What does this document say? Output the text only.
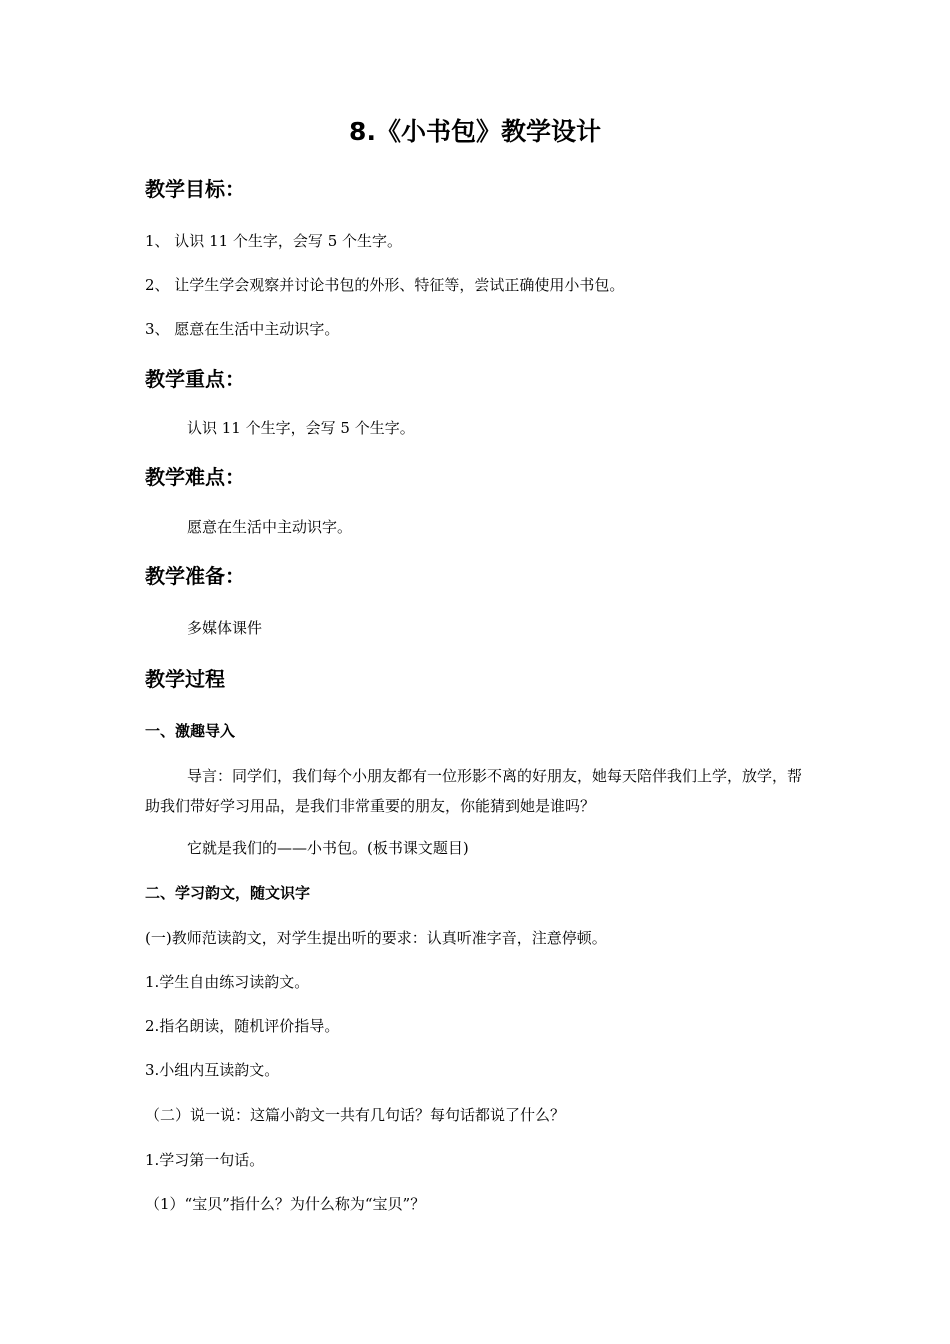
8.《小书包》教学设计
教学目标：
1、 认识 11 个生字，会写 5 个生字。
2、 让学生学会观察并讨论书包的外形、特征等，尝试正确使用小书包。
3、 愿意在生活中主动识字。
教学重点：
认识 11 个生字，会写 5 个生字。
教学难点：
愿意在生活中主动识字。
教学准备：
多媒体课件
教学过程
一、激趣导入
导言：同学们，我们每个小朋友都有一位形影不离的好朋友，她每天陪伴我们上学，放学，帮助我们带好学习用品，是我们非常重要的朋友，你能猜到她是谁吗？
它就是我们的——小书包。(板书课文题目)
二、学习韵文，随文识字
(一)教师范读韵文，对学生提出听的要求：认真听准字音，注意停顿。
1.学生自由练习读韵文。
2.指名朗读，随机评价指导。
3.小组内互读韵文。
（二）说一说：这篇小韵文一共有几句话？每句话都说了什么？
1.学习第一句话。
（1）“宝贝”指什么？为什么称为“宝贝”？
